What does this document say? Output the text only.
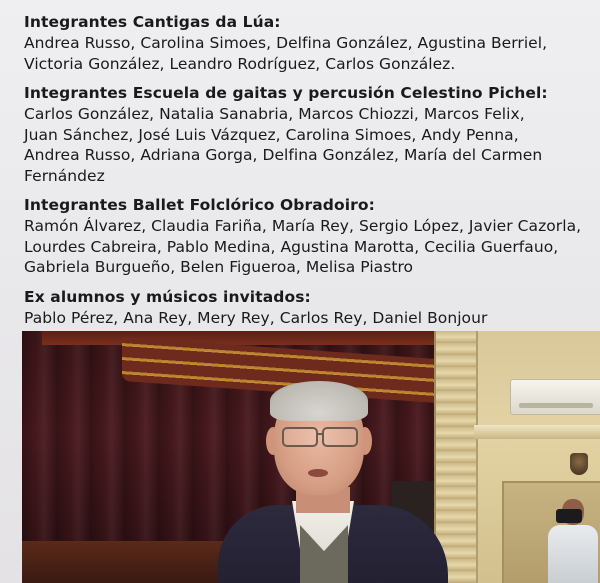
Integrantes Cantigas da Lúa:
Andrea Russo, Carolina Simoes, Delfina González, Agustina Berriel,
Victoria González, Leandro Rodríguez, Carlos González.
Integrantes Escuela de gaitas y percusión Celestino Pichel:
Carlos González, Natalia Sanabria, Marcos Chiozzi, Marcos Felix,
Juan Sánchez, José Luis Vázquez, Carolina Simoes, Andy Penna,
Andrea Russo, Adriana Gorga, Delfina González, María del Carmen
Fernández
Integrantes Ballet Folclórico Obradoiro:
Ramón Álvarez, Claudia Fariña, María Rey, Sergio López, Javier Cazorla,
Lourdes Cabreira, Pablo Medina, Agustina Marotta, Cecilia Guerfauo,
Gabriela Burgueño, Belen Figueroa, Melisa Piastro
Ex alumnos y músicos invitados:
Pablo Pérez, Ana Rey, Mery Rey, Carlos Rey, Daniel Bonjour
